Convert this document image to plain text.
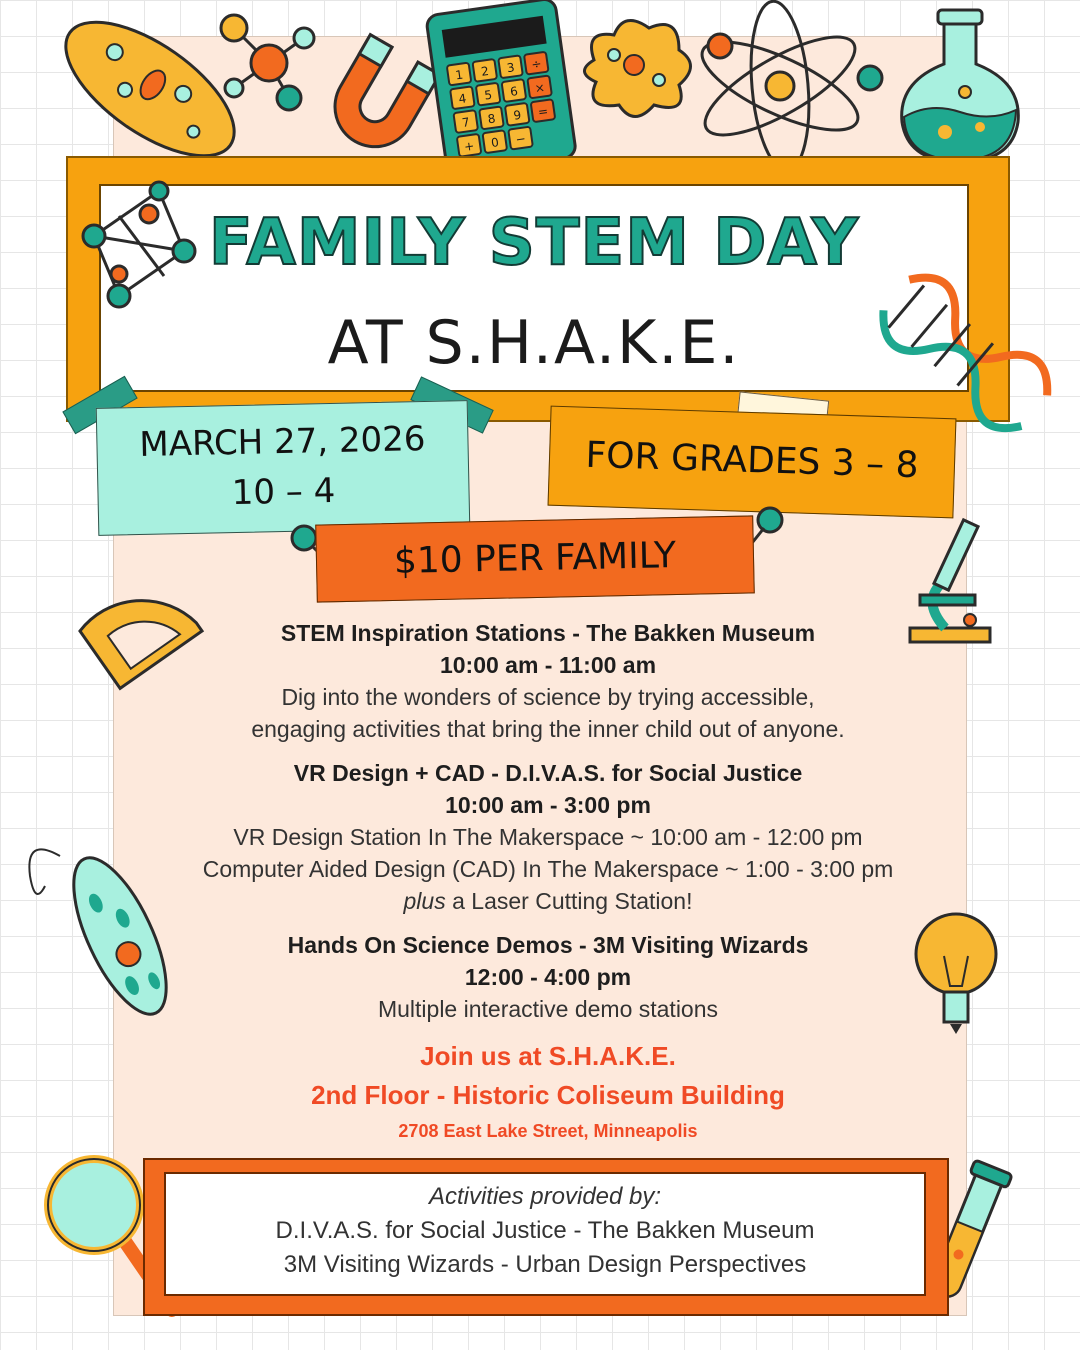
1 2 3 ÷
4 5 6 ×
7 8 9 =
+ 0 −
FAMILY STEM DAY
AT S.H.A.K.E.
MARCH 27, 2026
10 – 4
FOR GRADES 3 – 8
$10 PER FAMILY
STEM Inspiration Stations - The Bakken Museum
10:00 am - 11:00 am
Dig into the wonders of science by trying accessible,
engaging activities that bring the inner child out of anyone.
VR Design + CAD - D.I.V.A.S. for Social Justice
10:00 am - 3:00 pm
VR Design Station In The Makerspace ~ 10:00 am - 12:00 pm
Computer Aided Design (CAD) In The Makerspace ~ 1:00 - 3:00 pm
plus a Laser Cutting Station!
Hands On Science Demos - 3M Visiting Wizards
12:00 - 4:00 pm
Multiple interactive demo stations
Join us at S.H.A.K.E.
2nd Floor - Historic Coliseum Building
2708 East Lake Street, Minneapolis
Activities provided by:
D.I.V.A.S. for Social Justice - The Bakken Museum
3M Visiting Wizards - Urban Design Perspectives
